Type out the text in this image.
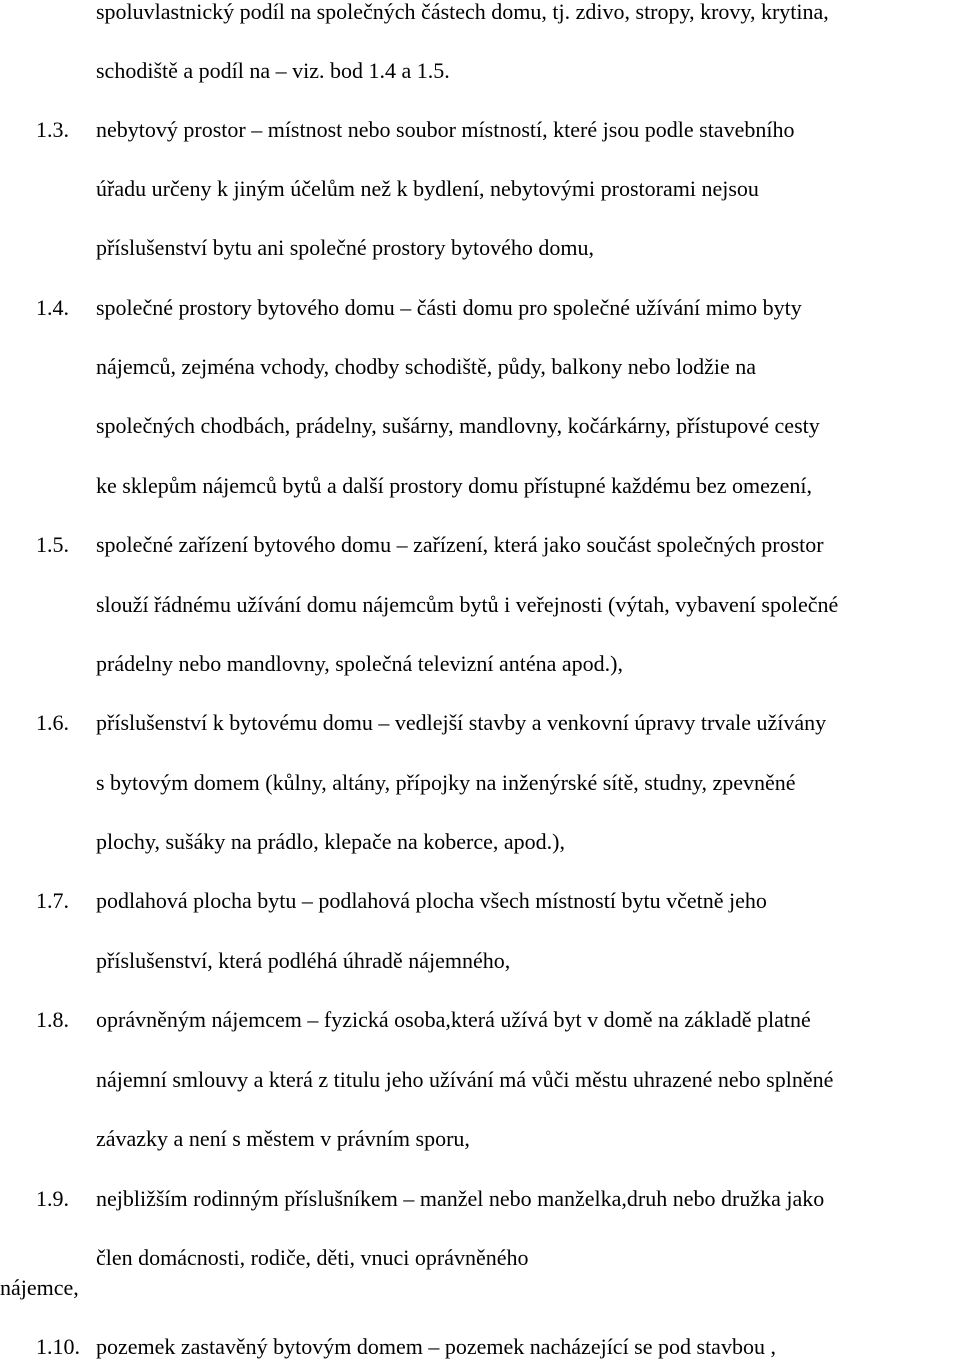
spoluvlastnický podíl na společných částech domu, tj. zdivo, stropy, krovy, krytina,
schodiště a podíl na – viz. bod 1.4 a 1.5.
1.3. nebytový prostor – místnost nebo soubor místností, které jsou podle stavebního
úřadu určeny k jiným účelům než k bydlení, nebytovými prostorami nejsou
příslušenství bytu ani společné prostory bytového domu,
1.4. společné prostory bytového domu – části domu pro společné užívání mimo byty
nájemců, zejména vchody, chodby schodiště, půdy, balkony nebo lodžie na
společných chodbách, prádelny, sušárny, mandlovny, kočárkárny, přístupové cesty
ke sklepům nájemců bytů a další prostory domu přístupné každému bez omezení,
1.5. společné zařízení bytového domu – zařízení, která jako součást společných prostor
slouží řádnému užívání domu nájemcům bytů i veřejnosti (výtah, vybavení společné
prádelny nebo mandlovny, společná televizní anténa apod.),
1.6. příslušenství k bytovému domu – vedlejší stavby a venkovní úpravy trvale užívány
s bytovým domem (kůlny, altány, přípojky na inženýrské sítě, studny, zpevněné
plochy, sušáky na prádlo, klepače na koberce, apod.),
1.7. podlahová plocha bytu – podlahová plocha všech místností bytu včetně jeho
příslušenství, která podléhá úhradě nájemného,
1.8. oprávněným nájemcem – fyzická osoba,která užívá byt v domě na základě platné
nájemní smlouvy a která z titulu jeho užívání má vůči městu uhrazené nebo splněné
závazky a není s městem v právním sporu,
1.9. nejbližším rodinným příslušníkem – manžel nebo manželka,druh nebo družka jako
člen domácnosti, rodiče, děti, vnuci oprávněného
nájemce,
1.10. pozemek zastavěný bytovým domem – pozemek nacházející se pod stavbou ,
